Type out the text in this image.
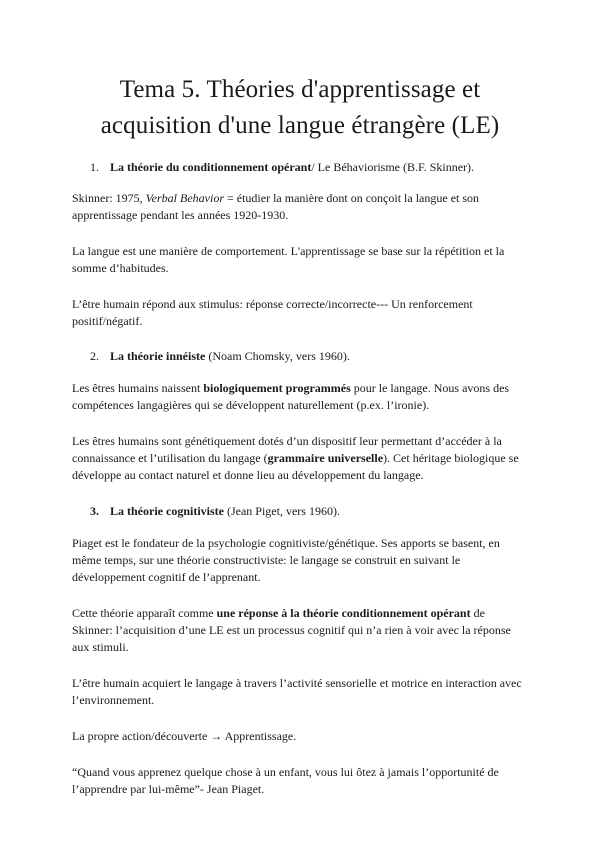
Tema 5. Théories d'apprentissage et acquisition d'une langue étrangère (LE)
1. La théorie du conditionnement opérant/ Le Béhaviorisme (B.F. Skinner).

Skinner: 1975, Verbal Behavior = étudier la manière dont on conçoit la langue et son apprentissage pendant les années 1920-1930.

La langue est une manière de comportement. L'apprentissage se base sur la répétition et la somme d’habitudes.

L’être humain répond aux stimulus: réponse correcte/incorrecte--- Un renforcement positif/négatif.

2. La théorie innéiste (Noam Chomsky, vers 1960).

Les êtres humains naissent biologiquement programmés pour le langage. Nous avons des compétences langagières qui se développent naturellement (p.ex. l’ironie).

Les êtres humains sont génétiquement dotés d’un dispositif leur permettant d’accéder à la connaissance et l’utilisation du langage (grammaire universelle). Cet héritage biologique se développe au contact naturel et donne lieu au développement du langage.

3. La théorie cognitiviste (Jean Piget, vers 1960).

Piaget est le fondateur de la psychologie cognitiviste/génétique. Ses apports se basent, en même temps, sur une théorie constructiviste: le langage se construit en suivant le développement cognitif de l’apprenant.

Cette théorie apparaît comme une réponse à la théorie conditionnement opérant de Skinner: l’acquisition d’une LE est un processus cognitif qui n’a rien à voir avec la réponse aux stimuli.

L’être humain acquiert le langage à travers l’activité sensorielle et motrice en interaction avec l’environnement.

La propre action/découverte → Apprentissage.

“Quand vous apprenez quelque chose à un enfant, vous lui ôtez à jamais l’opportunité de l’apprendre par lui-même”- Jean Piaget.
